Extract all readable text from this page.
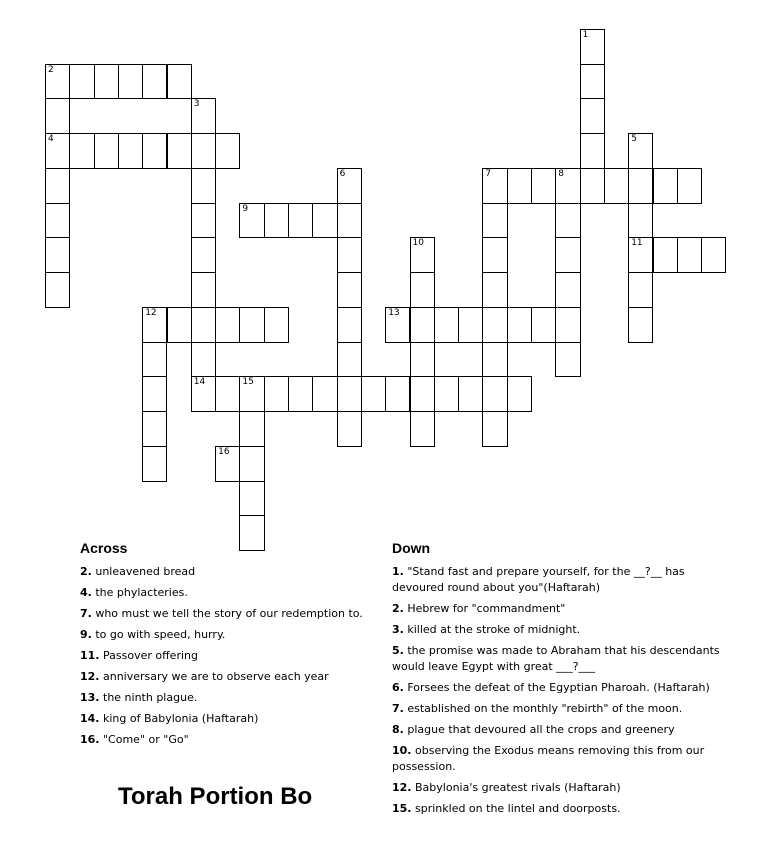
1
2
4
3
5
11
6	7	8
9
10
12	13
14	15
16
Across
2. unleavened bread
4. the phylacteries.
7. who must we tell the story of our redemption to.
9. to go with speed, hurry.
11. Passover offering
12. anniversary we are to observe each year
13. the ninth plague.
14. king of Babylonia (Haftarah)
16. "Come" or "Go"
Down
1. "Stand fast and prepare yourself, for the __?__ has devoured round about you"(Haftarah)
2. Hebrew for "commandment"
3. killed at the stroke of midnight.
5. the promise was made to Abraham that his descendants would leave Egypt with great ___?___
6. Forsees the defeat of the Egyptian Pharoah. (Haftarah)
7. established on the monthly "rebirth" of the moon.
8. plague that devoured all the crops and greenery
10. observing the Exodus means removing this from our possession.
12. Babylonia's greatest rivals (Haftarah)
15. sprinkled on the lintel and doorposts.
Torah Portion Bo
